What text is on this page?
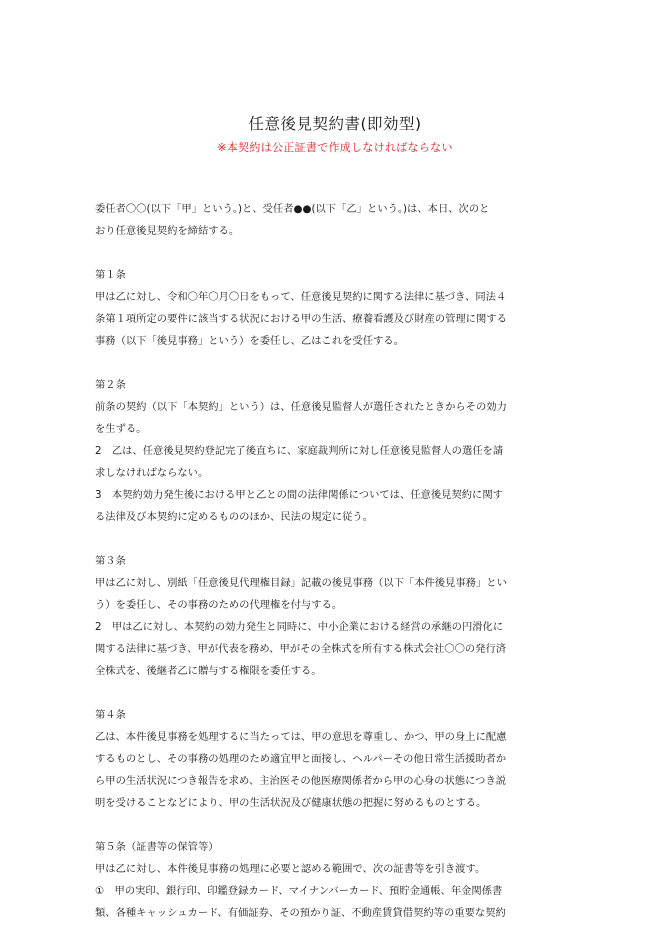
任意後見契約書(即効型)
※本契約は公正証書で作成しなければならない

委任者〇〇(以下「甲」という。)と、受任者●●(以下「乙」という。)は、本日、次のと

おり任意後見契約を締結する。

第１条

甲は乙に対し、令和〇年〇月〇日をもって、任意後見契約に関する法律に基づき、同法４

条第１項所定の要件に該当する状況における甲の生活、療養看護及び財産の管理に関する

事務（以下「後見事務」という）を委任し、乙はこれを受任する。

第２条

前条の契約（以下「本契約」という）は、任意後見監督人が選任されたときからその効力

を生ずる。

2　乙は、任意後見契約登記完了後直ちに、家庭裁判所に対し任意後見監督人の選任を請

求しなければならない。

3　本契約効力発生後における甲と乙との間の法律関係については、任意後見契約に関す

る法律及び本契約に定めるもののほか、民法の規定に従う。

第３条

甲は乙に対し、別紙「任意後見代理権目録」記載の後見事務（以下「本件後見事務」とい

う）を委任し、その事務のための代理権を付与する。

2　甲は乙に対し、本契約の効力発生と同時に、中小企業における経営の承継の円滑化に

関する法律に基づき、甲が代表を務め、甲がその全株式を所有する株式会社〇〇の発行済

全株式を、後継者乙に贈与する権限を委任する。

第４条

乙は、本件後見事務を処理するに当たっては、甲の意思を尊重し、かつ、甲の身上に配慮

するものとし、その事務の処理のため適宜甲と面接し、ヘルパーその他日常生活援助者か

ら甲の生活状況につき報告を求め、主治医その他医療関係者から甲の心身の状態につき説

明を受けることなどにより、甲の生活状況及び健康状態の把握に努めるものとする。

第５条（証書等の保管等）

甲は乙に対し、本件後見事務の処理に必要と認める範囲で、次の証書等を引き渡す。

①　甲の実印、銀行印、印鑑登録カード、マイナンバーカード、預貯金通帳、年金関係書

類、各種キャッシュカード、有価証券、その預かり証、不動産賃貸借契約等の重要な契約
